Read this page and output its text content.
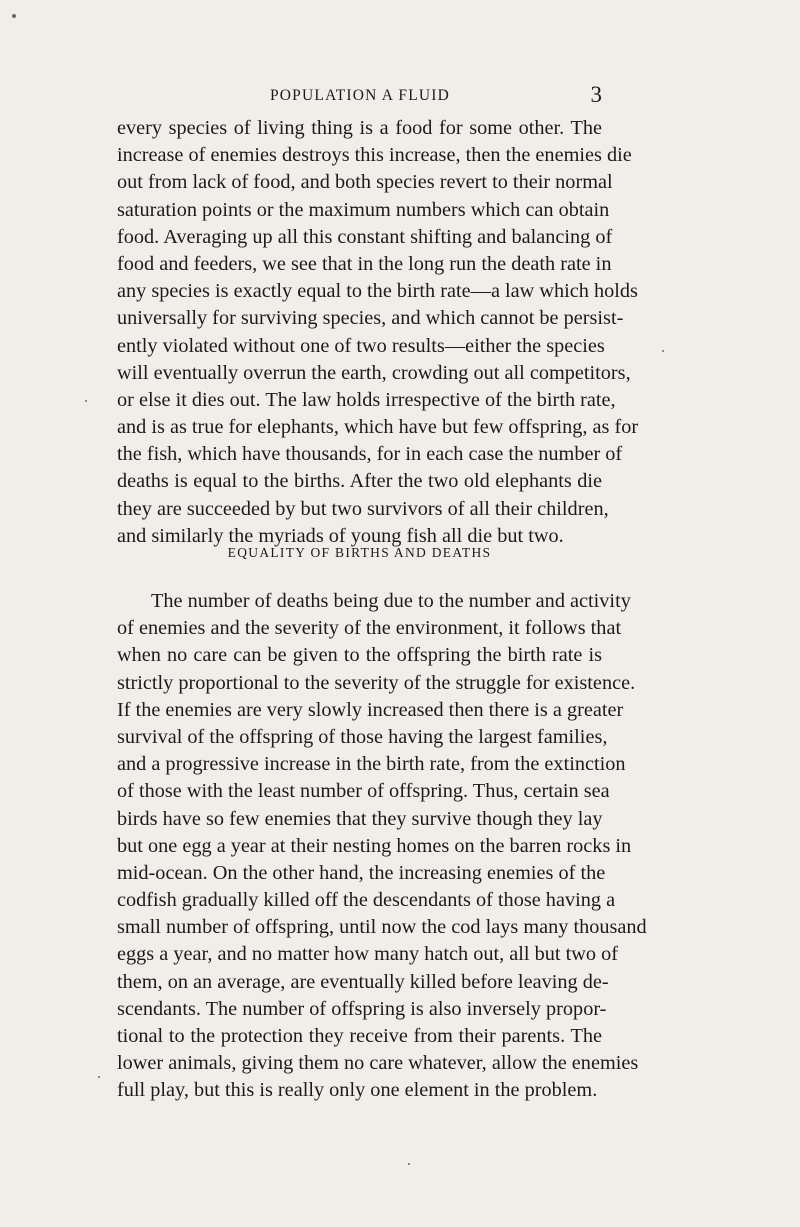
POPULATION A FLUID	3
every species of living thing is a food for some other. The
increase of enemies destroys this increase, then the enemies die
out from lack of food, and both species revert to their normal
saturation points or the maximum numbers which can obtain
food. Averaging up all this constant shifting and balancing of
food and feeders, we see that in the long run the death rate in
any species is exactly equal to the birth rate—a law which holds
universally for surviving species, and which cannot be persist-
ently violated without one of two results—either the species
will eventually overrun the earth, crowding out all competitors,
or else it dies out. The law holds irrespective of the birth rate,
and is as true for elephants, which have but few offspring, as for
the fish, which have thousands, for in each case the number of
deaths is equal to the births. After the two old elephants die
they are succeeded by but two survivors of all their children,
and similarly the myriads of young fish all die but two.
EQUALITY OF BIRTHS AND DEATHS
The number of deaths being due to the number and activity
of enemies and the severity of the environment, it follows that
when no care can be given to the offspring the birth rate is
strictly proportional to the severity of the struggle for existence.
If the enemies are very slowly increased then there is a greater
survival of the offspring of those having the largest families,
and a progressive increase in the birth rate, from the extinction
of those with the least number of offspring. Thus, certain sea
birds have so few enemies that they survive though they lay
but one egg a year at their nesting homes on the barren rocks in
mid-ocean. On the other hand, the increasing enemies of the
codfish gradually killed off the descendants of those having a
small number of offspring, until now the cod lays many thousand
eggs a year, and no matter how many hatch out, all but two of
them, on an average, are eventually killed before leaving de-
scendants. The number of offspring is also inversely propor-
tional to the protection they receive from their parents. The
lower animals, giving them no care whatever, allow the enemies
full play, but this is really only one element in the problem.
